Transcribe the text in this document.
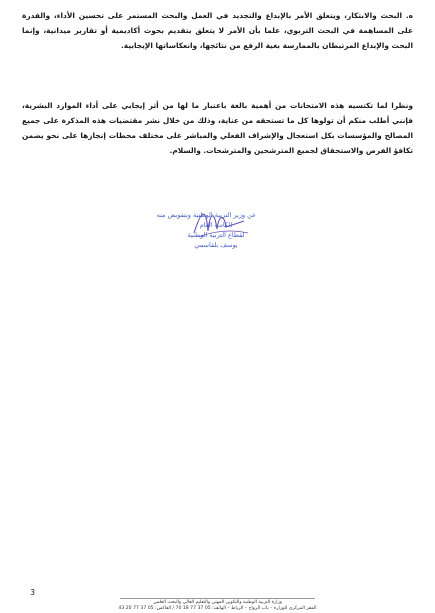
ه. البحث والابتكار، ويتعلق الأمر بالإبداع والتجديد في العمل والبحث المستمر على تحسين الأداء، والقدرة على المساهمة في البحث التربوي، علما بأن الأمر لا يتعلق بتقديم بحوث أكاديمية أو تقارير ميدانية، وإنما البحث والإبداع المرتبطان بالممارسة بغية الرفع من نتائجها، وانعكاساتها الإيجابية.

ونظرا لما تكتسيه هذه الامتحانات من أهمية بالغة باعتبار ما لها من أثر إيجابي على أداء الموارد البشرية، فإنني أطلب منكم أن تولوها كل ما تستحقه من عناية، وذلك من خلال نشر مقتضيات هذه المذكرة على جميع المصالح والمؤسسات بكل استعجال والإشراف الفعلي والمباشر على مختلف محطات إنجازها على نحو يضمن تكافؤ الفرص والاستحقاق لجميع المترشحين والمترشحات. والسلام.

عن وزير التربية الوطنية وبتفويض منه
الكاتب العام
لقطاع التربية الوطنية
يوسف بلقاسمي
3
وزارة التربية الوطنية والتكوين المهني والتعليم العالي والبحث العلمي
المقر المركزي للوزارة – باب الرواح – الرباط – الهاتف: 05 37 77 18 70 / الفاكس: 05 37 77 20 43
